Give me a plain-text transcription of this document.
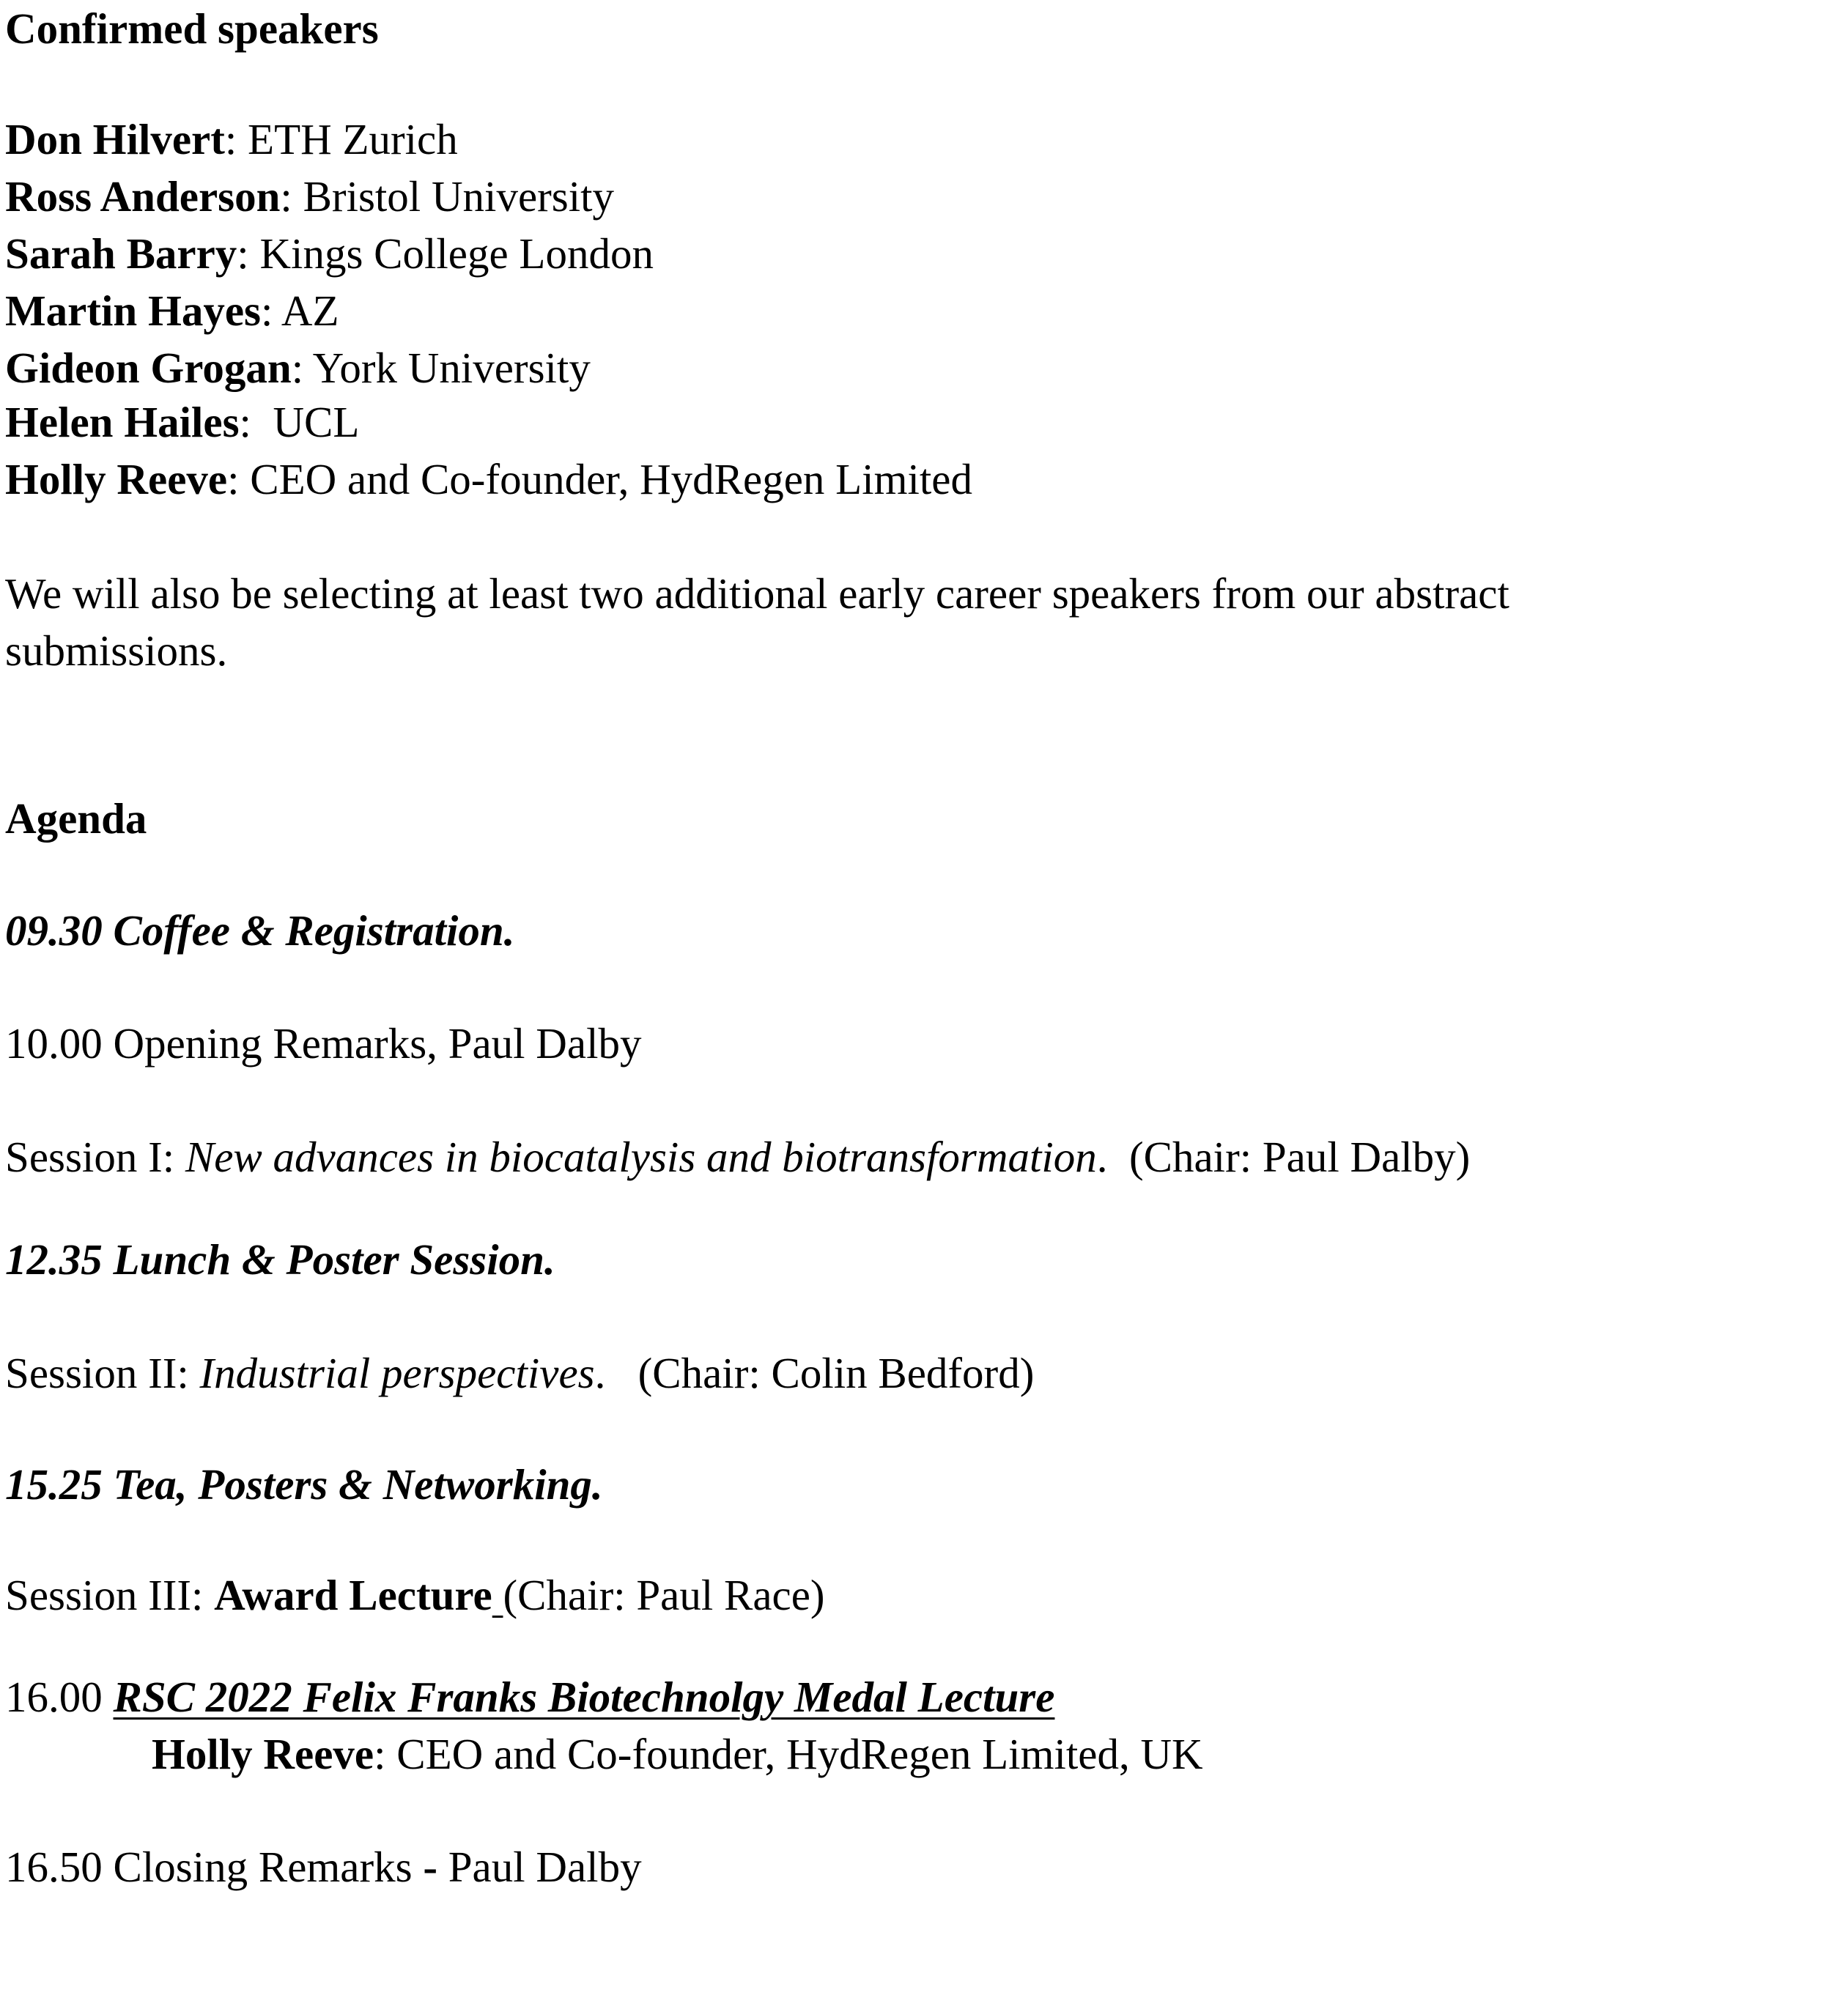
Confirmed speakers
Don Hilvert: ETH Zurich
Ross Anderson: Bristol University
Sarah Barry: Kings College London
Martin Hayes: AZ
Gideon Grogan: York University
Helen Hailes:  UCL
Holly Reeve: CEO and Co-founder, HydRegen Limited
We will also be selecting at least two additional early career speakers from our abstract
submissions.
Agenda
09.30 Coffee & Registration.
10.00 Opening Remarks, Paul Dalby
Session I: New advances in biocatalysis and biotransformation.  (Chair: Paul Dalby)
12.35 Lunch & Poster Session.
Session II: Industrial perspectives.   (Chair: Colin Bedford)
15.25 Tea, Posters & Networking.
Session III: Award Lecture (Chair: Paul Race)
16.00 RSC 2022 Felix Franks Biotechnolgy Medal Lecture
Holly Reeve: CEO and Co-founder, HydRegen Limited, UK
16.50 Closing Remarks - Paul Dalby
